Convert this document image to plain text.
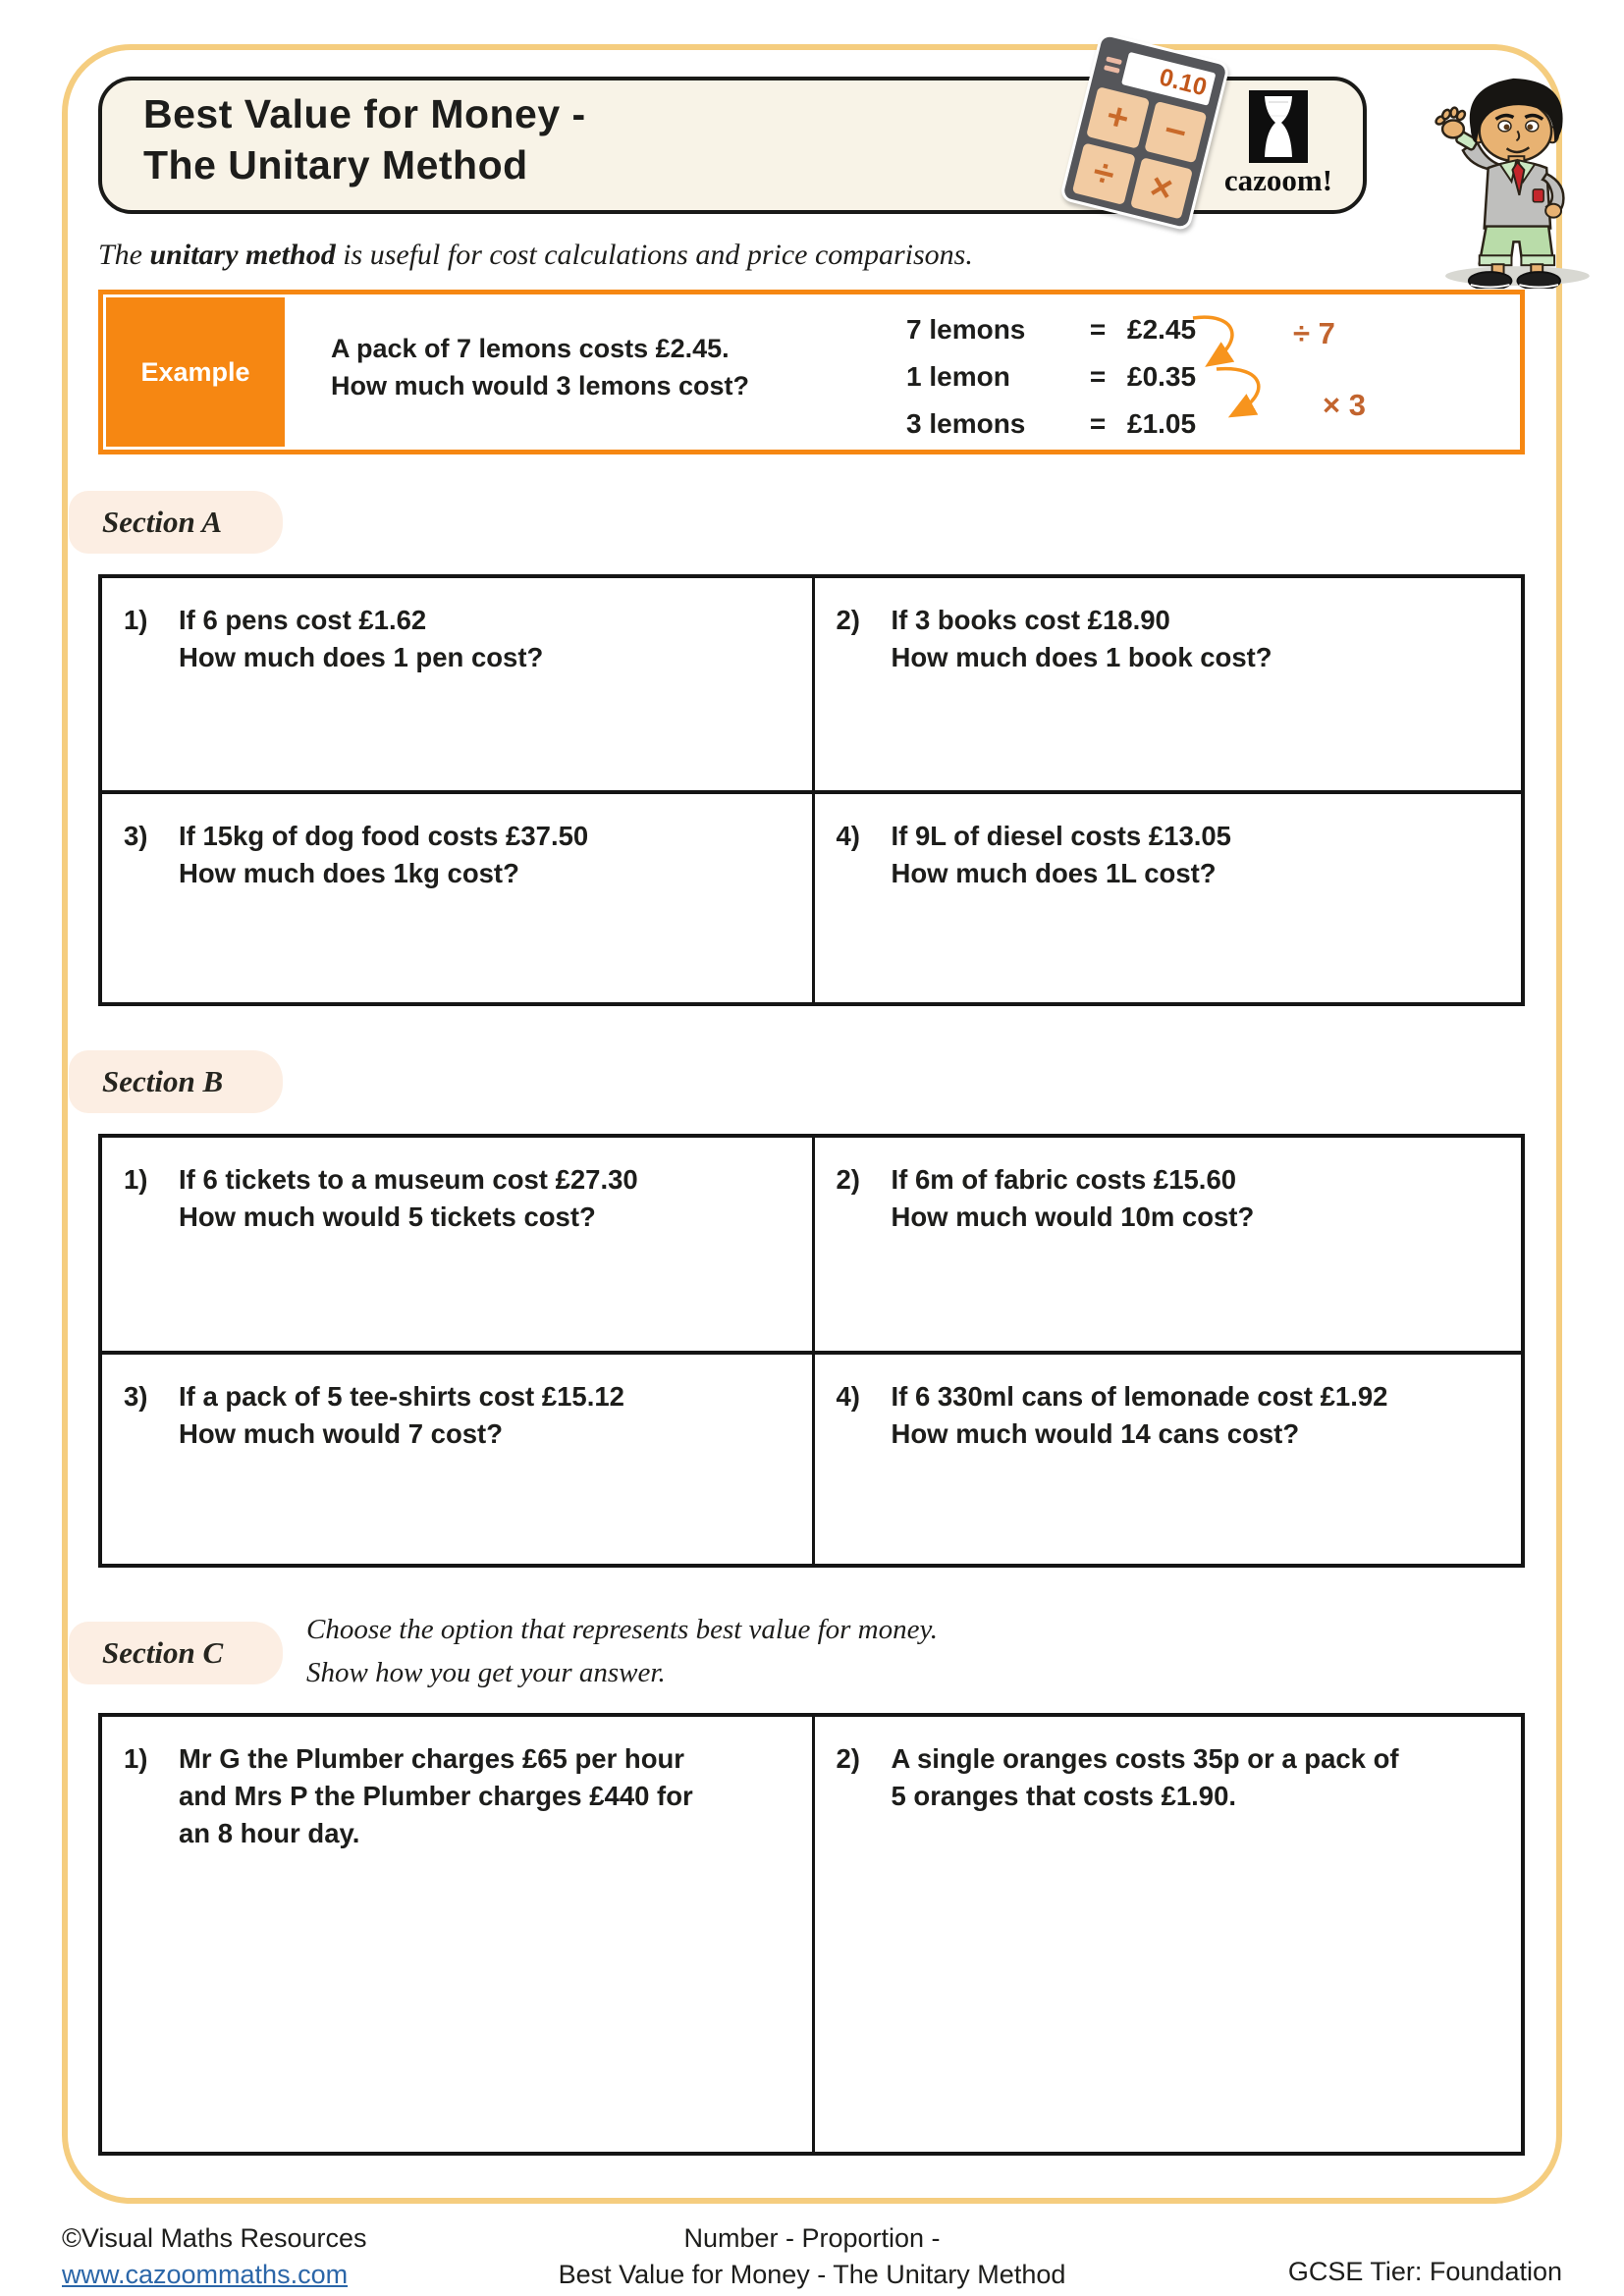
Best Value for Money -
The Unitary Method
0.10
+ −
÷ ×	cazoom!

The unitary method is useful for cost calculations and price comparisons.

Example
A pack of 7 lemons costs £2.45.
How much would 3 lemons cost?
7 lemons	= £2.45
1 lemon	= £0.35
3 lemons	= £1.05
÷ 7
× 3
Section A
1)	If 6 pens cost £1.62
How much does 1 pen cost?
2)	If 3 books cost £18.90
How much does 1 book cost?
3)	If 15kg of dog food costs £37.50
How much does 1kg cost?
4)	If 9L of diesel costs £13.05
How much does 1L cost?
Section B
1)	If 6 tickets to a museum cost £27.30
How much would 5 tickets cost?
2)	If 6m of fabric costs £15.60
How much would 10m cost?
3)	If a pack of 5 tee-shirts cost £15.12
How much would 7 cost?
4)	If 6 330ml cans of lemonade cost £1.92
How much would 14 cans cost?
Section C
Choose the option that represents best value for money.
Show how you get your answer.
1)	Mr G the Plumber charges £65 per hour
and Mrs P the Plumber charges £440 for
an 8 hour day.
2)	A single oranges costs 35p or a pack of
5 oranges that costs £1.90.
©Visual Maths Resources
www.cazoommaths.com
Number - Proportion -
Best Value for Money - The Unitary Method	GCSE Tier: Foundation
